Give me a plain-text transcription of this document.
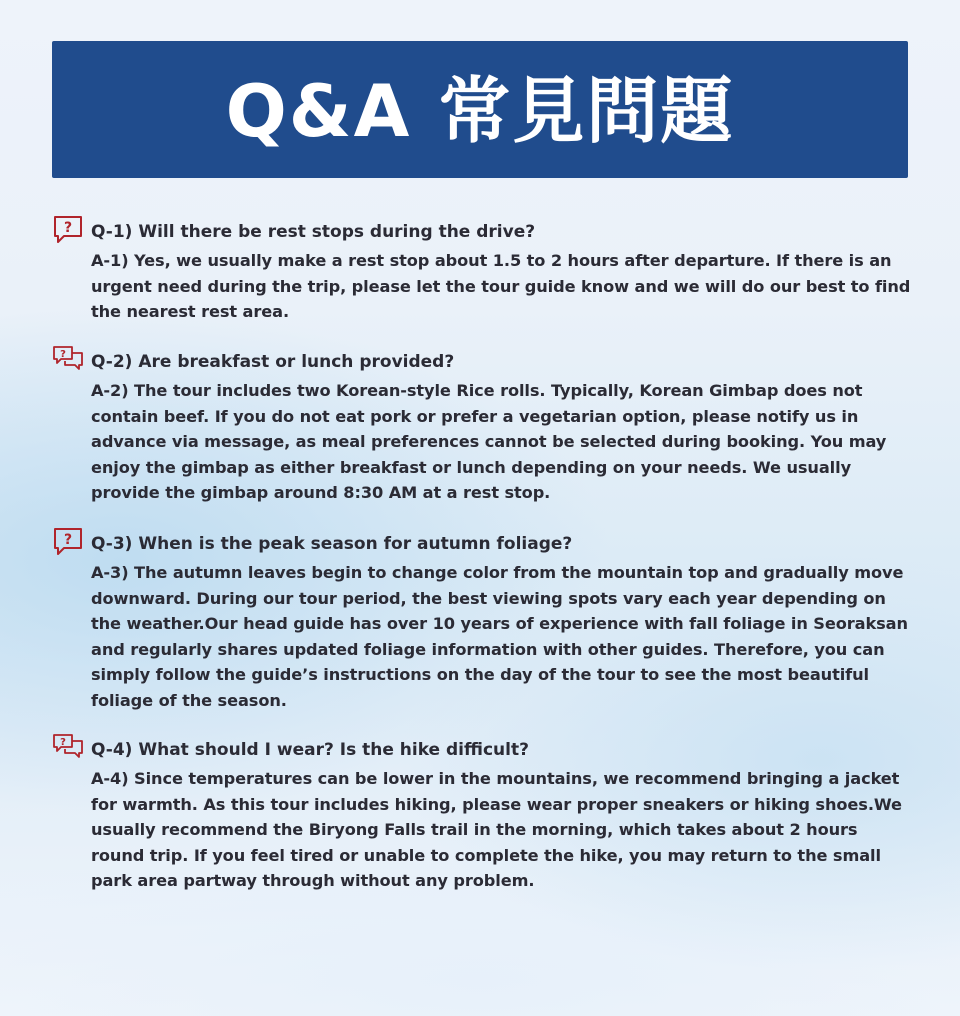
Q&A 常見問題
? Q-1) Will there be rest stops during the drive?
A-1) Yes, we usually make a rest stop about 1.5 to 2 hours after departure. If there is an urgent need during the trip, please let the tour guide know and we will do our best to find the nearest rest area.
? Q-2) Are breakfast or lunch provided?
A-2) The tour includes two Korean-style Rice rolls. Typically, Korean Gimbap does not contain beef. If you do not eat pork or prefer a vegetarian option, please notify us in advance via message, as meal preferences cannot be selected during booking. You may enjoy the gimbap as either breakfast or lunch depending on your needs. We usually provide the gimbap around 8:30 AM at a rest stop.
? Q-3) When is the peak season for autumn foliage?
A-3) The autumn leaves begin to change color from the mountain top and gradually move downward. During our tour period, the best viewing spots vary each year depending on the weather.Our head guide has over 10 years of experience with fall foliage in Seoraksan and regularly shares updated foliage information with other guides. Therefore, you can simply follow the guide’s instructions on the day of the tour to see the most beautiful foliage of the season.
? Q-4) What should I wear? Is the hike difficult?
A-4) Since temperatures can be lower in the mountains, we recommend bringing a jacket for warmth. As this tour includes hiking, please wear proper sneakers or hiking shoes.We usually recommend the Biryong Falls trail in the morning, which takes about 2 hours round trip. If you feel tired or unable to complete the hike, you may return to the small park area partway through without any problem.
